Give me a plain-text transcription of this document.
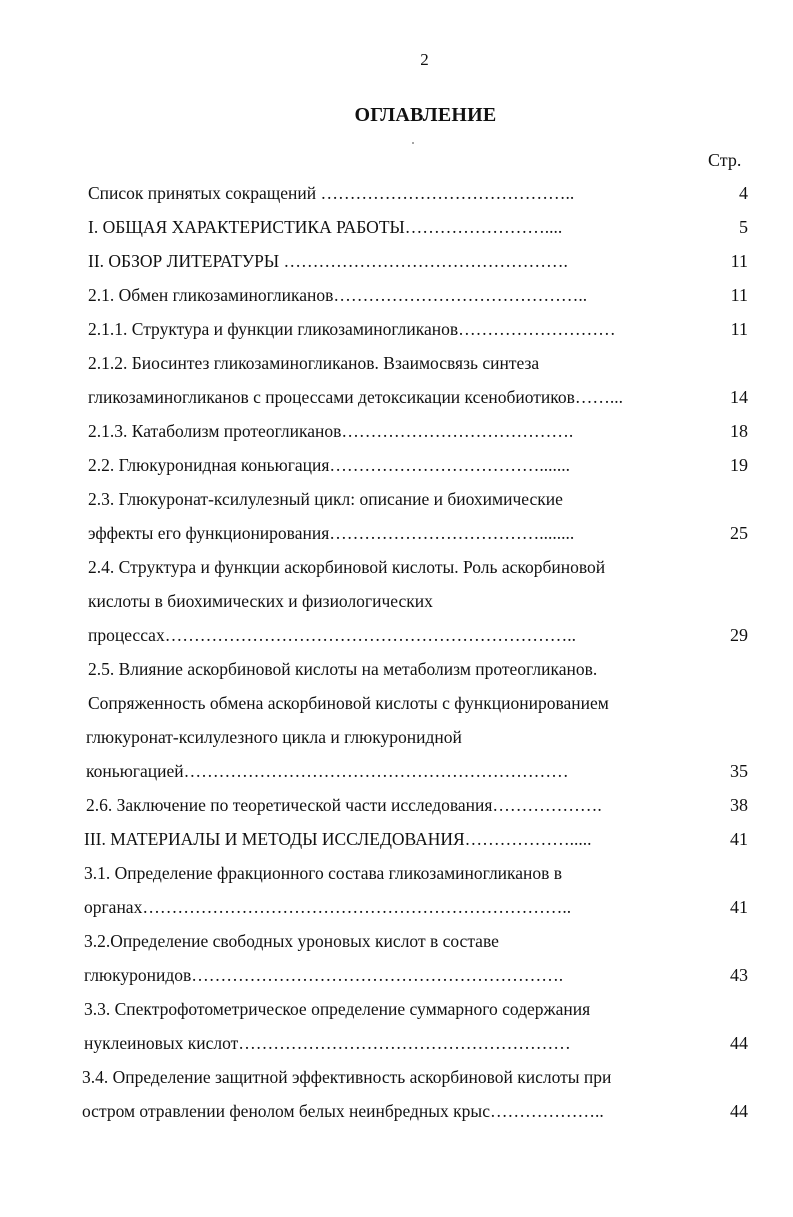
2
ОГЛАВЛЕНИЕ
Стр.
Список принятых сокращений ……………………………………..	4
I. ОБЩАЯ ХАРАКТЕРИСТИКА РАБОТЫ……………………....	5
II. ОБЗОР ЛИТЕРАТУРЫ ………………………………………….	11
2.1. Обмен гликозаминогликанов……………………………………..	11
2.1.1. Структура и функции гликозаминогликанов………………………	11
2.1.2. Биосинтез гликозаминогликанов. Взаимосвязь синтеза
гликозаминогликанов с процессами детоксикации ксенобиотиков……...	14
2.1.3. Катаболизм протеогликанов………………………………….	18
2.2. Глюкуронидная коньюгация……………………………….......	19
2.3. Глюкуронат-ксилулезный цикл: описание и биохимические
эффекты его функционирования………………………………........	25
2.4. Структура и функции аскорбиновой кислоты. Роль аскорбиновой
кислоты в биохимических и физиологических
процессах……………………………………………………………..	29
2.5. Влияние аскорбиновой кислоты на метаболизм протеогликанов.
Сопряженность обмена аскорбиновой кислоты с функционированием
глюкуронат-ксилулезного цикла и глюкуронидной
коньюгацией…………………………………………………………	35
2.6. Заключение по теоретической части исследования……………….	38
III. МАТЕРИАЛЫ И МЕТОДЫ ИССЛЕДОВАНИЯ……………….....	41
3.1. Определение фракционного состава гликозаминогликанов в
органах………………………………………………………………..	41
3.2.Определение свободных уроновых кислот в составе
глюкуронидов……………………………………………………….	43
3.3. Спектрофотометрическое определение суммарного содержания
нуклеиновых кислот…………………………………………………	44
3.4. Определение защитной эффективность аскорбиновой кислоты при
остром отравлении фенолом белых неинбредных крыс………………..	44
